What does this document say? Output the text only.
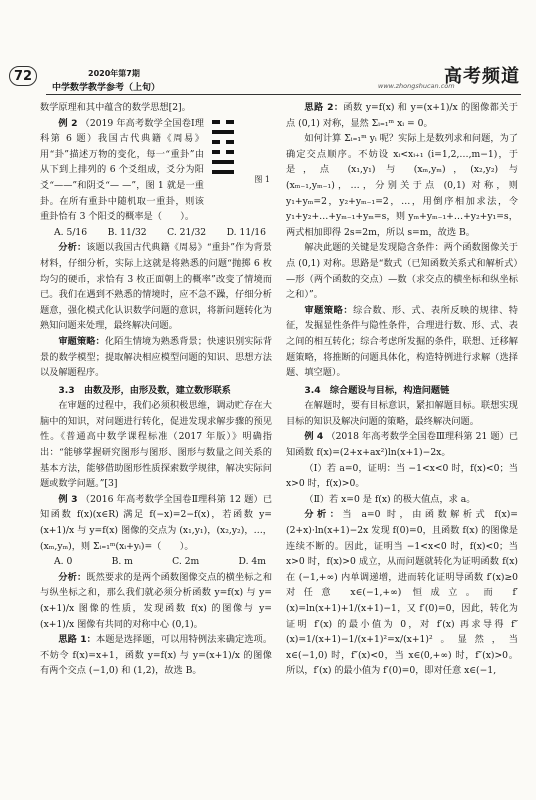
72	2020年第7期
中学数学教学参考（上旬）	www.zhongshucan.com
高考频道

数学原理和其中蕴含的数学思想[2]。

图 1
例 2 （2019 年高考数学全国卷Ⅰ理科第 6 题）我国古代典籍《周易》用“卦”描述万物的变化，每一“重卦”由从下到上排列的 6 个爻组成，爻分为阳爻“——”和阴爻“— —”，图 1 就是一重卦。在所有重卦中随机取一重卦，则该重卦恰有 3 个阳爻的概率是（　　）。

A. 5/16 B. 11/32 C. 21/32 D. 11/16

分析：该题以我国古代典籍《周易》“重卦”作为背景材料，仔细分析，实际上这就是将熟悉的问题“抛掷 6 枚均匀的硬币，求恰有 3 枚正面朝上的概率”改变了情境而已。我们在遇到不熟悉的情境时，应不急不躁，仔细分析题意，强化模式化认识数学问题的意识，将新问题转化为熟知问题来处理，最终解决问题。

审题策略：化陌生情境为熟悉背景；快速识别实际背景的数学模型；提取解决相应模型问题的知识、思想方法以及解题程序。

3.3　由数及形，由形及数，建立数形联系

在审题的过程中，我们必须积极思维，调动贮存在大脑中的知识，对问题进行转化，促进发现求解步骤的预见性。《普通高中数学课程标准（2017 年版）》明确指出：“能够掌握研究图形与图形、图形与数量之间关系的基本方法，能够借助图形性质探索数学规律，解决实际问题或数学问题。”[3]

例 3 （2016 年高考数学全国卷Ⅱ理科第 12 题）已知函数 f(x)(x∈R) 满足 f(−x)=2−f(x)，若函数 y=(x+1)/x 与 y=f(x) 图像的交点为 (x₁,y₁)，(x₂,y₂)，…，(xₘ,yₘ)，则 Σᵢ₌₁ᵐ(xᵢ+yᵢ)=（　　）。

A. 0	B. m	C. 2m	D. 4m

分析：既然要求的是两个函数图像交点的横坐标之和与纵坐标之和，那么我们就必须分析函数 y=f(x) 与 y=(x+1)/x 图像的性质，发现函数 f(x) 的图像与 y=(x+1)/x 图像有共同的对称中心 (0,1)。

思路 1：本题是选择题，可以用特例法来确定选项。不妨令 f(x)=x+1，函数 y=f(x) 与 y=(x+1)/x 的图像有两个交点 (−1,0) 和 (1,2)，故选 B。

思路 2：函数 y=f(x) 和 y=(x+1)/x 的图像都关于点 (0,1) 对称，显然 Σᵢ₌₁ᵐ xᵢ = 0。

如何计算 Σᵢ₌₁ᵐ yᵢ 呢？实际上是数列求和问题，为了确定交点顺序。不妨设 xᵢ<xᵢ₊₁ (i=1,2,…,m−1)，于是，点 (x₁,y₁) 与 (xₘ,yₘ)，(x₂,y₂) 与 (xₘ₋₁,yₘ₋₁)，…，分别关于点 (0,1) 对称，则 y₁+yₘ=2，y₂+yₘ₋₁=2，…，用倒序相加求法，令 y₁+y₂+…+yₘ₋₁+yₘ=s，则 yₘ+yₘ₋₁+…+y₂+y₁=s，两式相加即得 2s=2m，所以 s=m，故选 B。

解决此题的关键是发现隐含条件：两个函数图像关于点 (0,1) 对称。思路是“数式（已知函数关系式和解析式）—形（两个函数的交点）—数（求交点的横坐标和纵坐标之和）”。

审题策略：综合数、形、式、表所反映的规律、特征，发掘显性条件与隐性条件，合理进行数、形、式、表之间的相互转化；综合考虑所发掘的条件，联想、迁移解题策略，将推断的问题具体化，构造特例进行求解（选择题、填空题）。

3.4　综合题设与目标，构造问题链

在解题时，要有目标意识，紧扣解题目标。联想实现目标的知识及解决问题的策略，最终解决问题。

例 4 （2018 年高考数学全国卷Ⅲ理科第 21 题）已知函数 f(x)=(2+x+ax²)ln(x+1)−2x。

（Ⅰ）若 a=0，证明：当 −1<x<0 时，f(x)<0；当 x>0 时，f(x)>0。

（Ⅱ）若 x=0 是 f(x) 的极大值点，求 a。

分析：当 a=0 时，由函数解析式 f(x)=(2+x)·ln(x+1)−2x 发现 f(0)=0，且函数 f(x) 的图像是连续不断的。因此，证明当 −1<x<0 时，f(x)<0；当 x>0 时，f(x)>0 成立，从而问题就转化为证明函数 f(x) 在 (−1,+∞) 内单调递增，进而转化证明导函数 f′(x)≥0 对任意 x∈(−1,+∞) 恒成立。而 f′(x)=ln(x+1)+1/(x+1)−1，又 f′(0)=0，因此，转化为证明 f′(x) 的最小值为 0，对 f′(x) 再求导得 f″(x)=1/(x+1)−1/(x+1)²=x/(x+1)²。显然，当 x∈(−1,0) 时，f″(x)<0，当 x∈(0,+∞) 时，f″(x)>0。所以，f′(x) 的最小值为 f′(0)=0，即对任意 x∈(−1,
